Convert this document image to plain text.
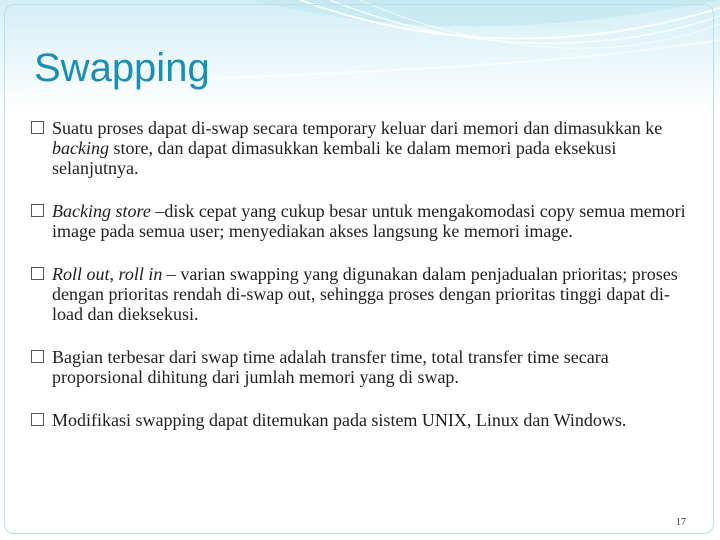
Swapping
Suatu proses dapat di-swap secara temporary keluar dari memori dan dimasukkan ke backing store, dan dapat dimasukkan kembali ke dalam memori pada eksekusi selanjutnya.
Backing store –disk cepat yang cukup besar untuk mengakomodasi copy semua memori image pada semua user; menyediakan akses langsung ke memori image.
Roll out, roll in – varian swapping yang digunakan dalam penjadualan prioritas; proses dengan prioritas rendah di-swap out, sehingga proses dengan prioritas tinggi dapat di-load dan dieksekusi.
Bagian terbesar dari swap time adalah transfer time, total transfer time secara proporsional dihitung dari jumlah memori yang di swap.
Modifikasi swapping dapat ditemukan pada sistem UNIX, Linux dan Windows.
17
